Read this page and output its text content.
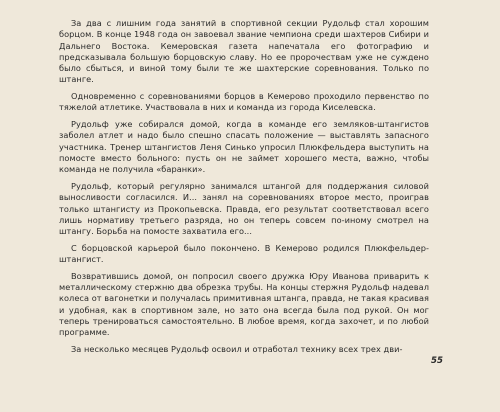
За два с лишним года занятий в спортивной секции Рудольф стал хорошим борцом. В конце 1948 года он завоевал звание чемпиона среди шахтеров Сибири и Дальнего Востока. Кемеровская газета напечатала его фотографию и предсказывала большую борцовскую славу. Но ее пророчествам уже не суждено было сбыться, и виной тому были те же шахтерские соревнования. Только по штанге.

Одновременно с соревнованиями борцов в Кемерово проходило первенство по тяжелой атлетике. Участвовала в них и команда из города Киселевска.

Рудольф уже собирался домой, когда в команде его земляков-штангистов заболел атлет и надо было спешно спасать положение — выставлять запасного участника. Тренер штангистов Леня Синько упросил Плюкфельдера выступить на помосте вместо больного: пусть он не займет хорошего места, важно, чтобы команда не получила «баранки».

Рудольф, который регулярно занимался штангой для поддержания силовой выносливости согласился. И... занял на соревнованиях второе место, проиграв только штангисту из Прокопьевска. Правда, его результат соответствовал всего лишь нормативу третьего разряда, но он теперь совсем по-иному смотрел на штангу. Борьба на помосте захватила его...

С борцовской карьерой было покончено. В Кемерово родился Плюкфельдер-штангист.

Возвратившись домой, он попросил своего дружка Юру Иванова приварить к металлическому стержню два обрезка трубы. На концы стержня Рудольф надевал колеса от вагонетки и получалась примитивная штанга, правда, не такая красивая и удобная, как в спортивном зале, но зато она всегда была под рукой. Он мог теперь тренироваться самостоятельно. В любое время, когда захочет, и по любой программе.

За несколько месяцев Рудольф освоил и отработал технику всех трех дви-

55
